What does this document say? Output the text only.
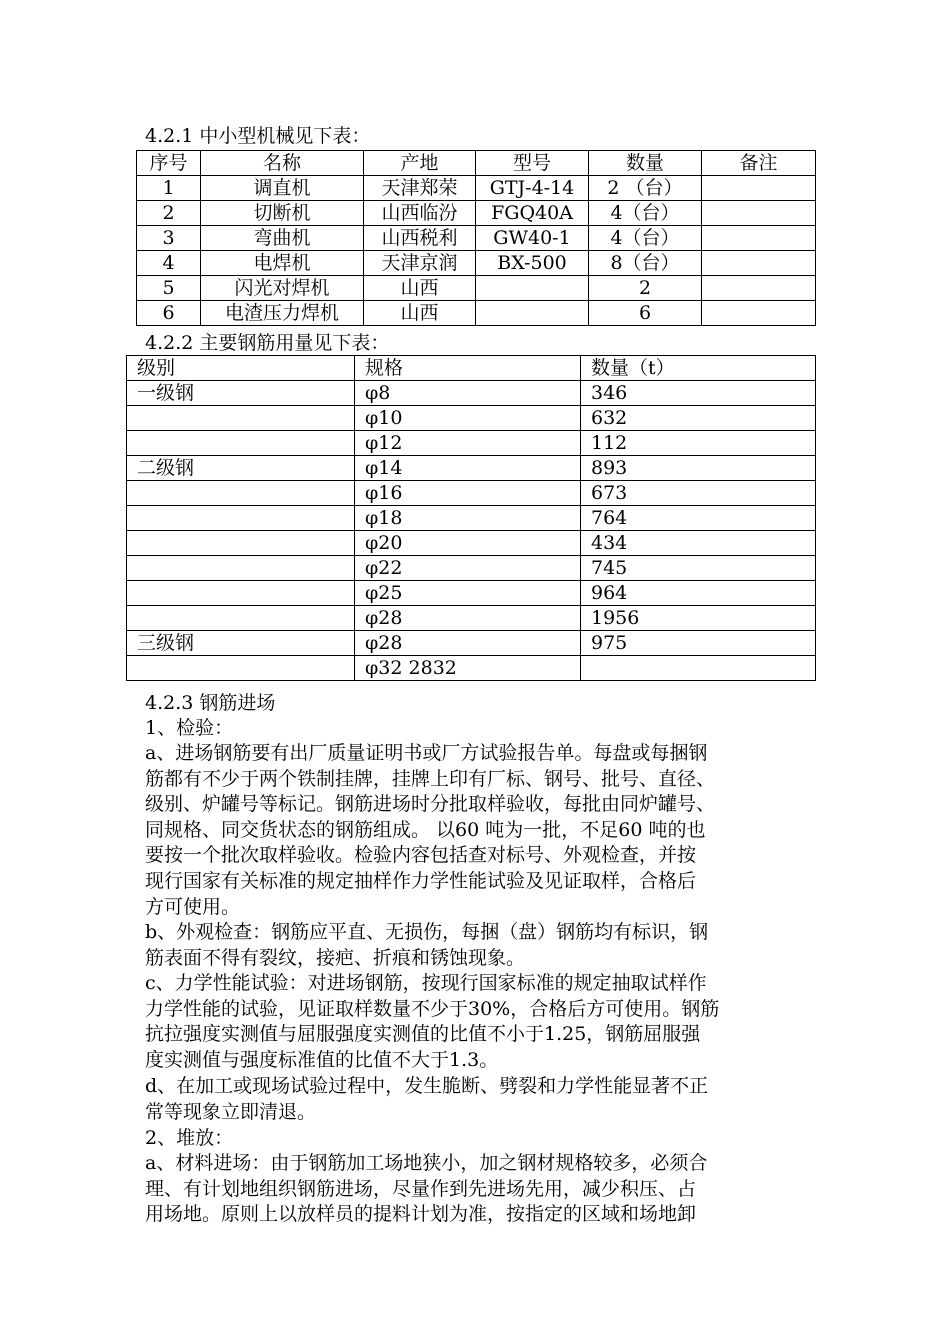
4.2.1 中小型机械见下表：
序号	名称	产地	型号	数量	备注
1	调直机	天津郑荣	GTJ-4-14	2 （台）	
2	切断机	山西临汾	FGQ40A	4（台）	
3	弯曲机	山西税利	GW40-1	4（台）	
4	电焊机	天津京润	BX-500	8（台）	
5	闪光对焊机	山西		2	
6	电渣压力焊机	山西		6	
4.2.2 主要钢筋用量见下表：
级别	规格	数量（t）
一级钢	φ8	346
	φ10	632
	φ12	112
二级钢	φ14	893
	φ16	673
	φ18	764
	φ20	434
	φ22	745
	φ25	964
	φ28	1956
三级钢	φ28	975
	φ32 2832	
4.2.3 钢筋进场
1、检验：
a、进场钢筋要有出厂质量证明书或厂方试验报告单。每盘或每捆钢
筋都有不少于两个铁制挂牌，挂牌上印有厂标、钢号、批号、直径、
级别、炉罐号等标记。钢筋进场时分批取样验收，每批由同炉罐号、
同规格、同交货状态的钢筋组成。 以60 吨为一批，不足60 吨的也
要按一个批次取样验收。检验内容包括查对标号、外观检查，并按
现行国家有关标准的规定抽样作力学性能试验及见证取样，合格后
方可使用。
b、外观检查：钢筋应平直、无损伤，每捆（盘）钢筋均有标识，钢
筋表面不得有裂纹，接疤、折痕和锈蚀现象。
c、力学性能试验：对进场钢筋，按现行国家标准的规定抽取试样作
力学性能的试验，见证取样数量不少于30%，合格后方可使用。钢筋
抗拉强度实测值与屈服强度实测值的比值不小于1.25，钢筋屈服强
度实测值与强度标准值的比值不大于1.3。
d、在加工或现场试验过程中，发生脆断、劈裂和力学性能显著不正
常等现象立即清退。
2、堆放：
a、材料进场：由于钢筋加工场地狭小，加之钢材规格较多，必须合
理、有计划地组织钢筋进场，尽量作到先进场先用，减少积压、占
用场地。原则上以放样员的提料计划为准，按指定的区域和场地卸
